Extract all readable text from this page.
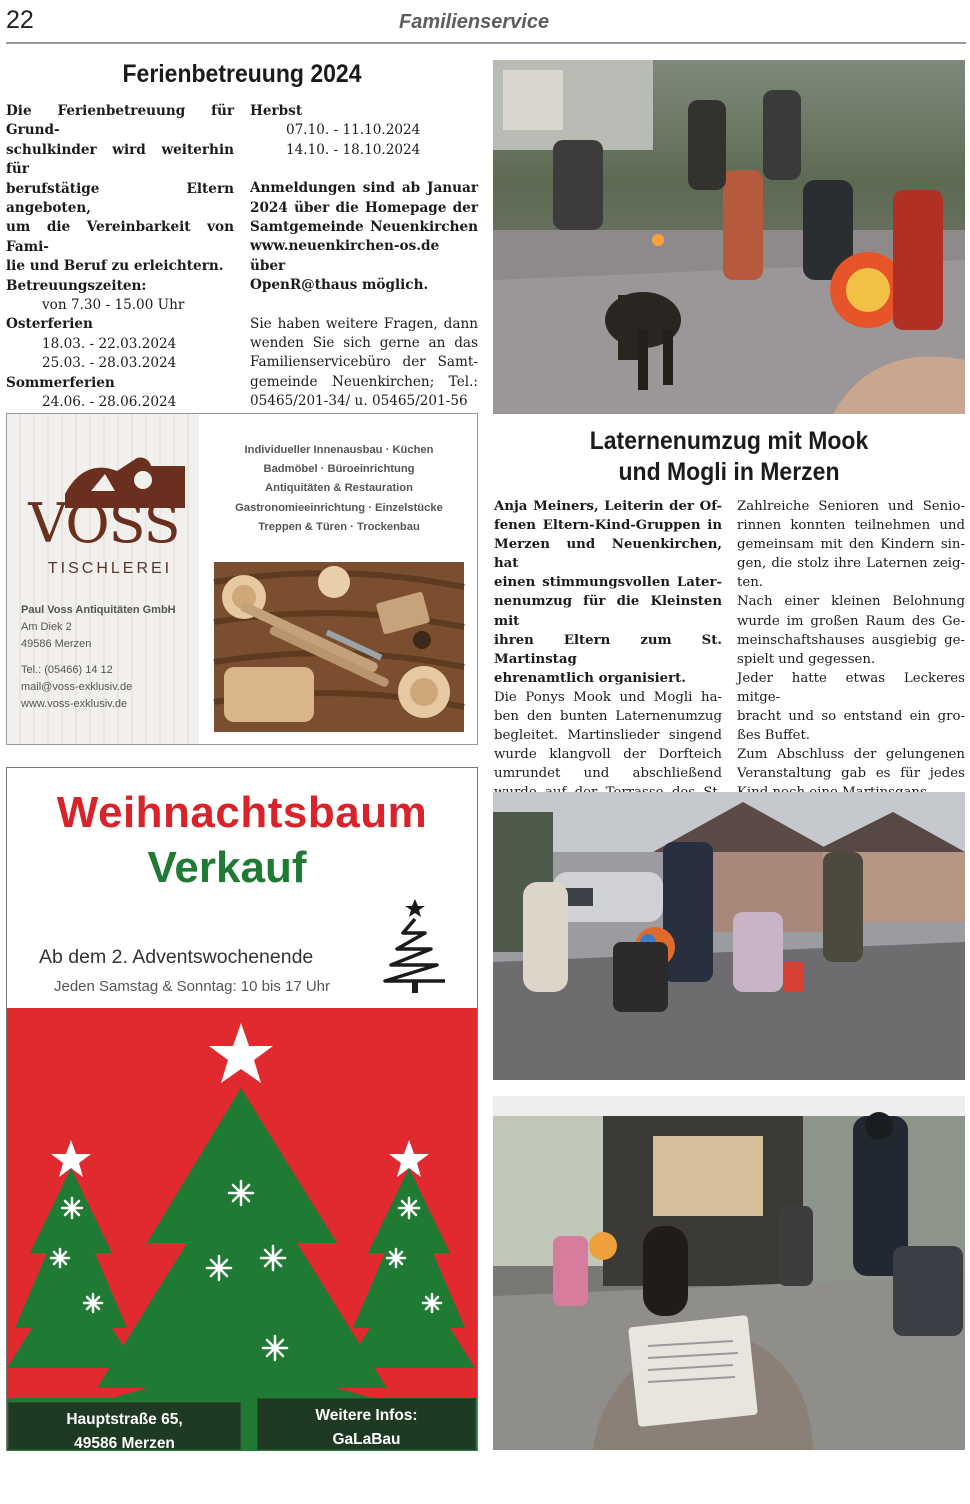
22	Familienservice
Ferienbetreuung 2024

Die Ferienbetreuung für Grund-

schulkinder wird weiterhin für

berufstätige Eltern angeboten,

um die Vereinbarkeit von Fami-

lie und Beruf zu erleichtern.

Betreuungszeiten:

von 7.30 - 15.00 Uhr

Osterferien

18.03. - 22.03.2024

25.03. - 28.03.2024

Sommerferien

24.06. - 28.06.2024

Herbst

07.10. - 11.10.2024

14.10. - 18.10.2024

Anmeldungen sind ab Januar

2024 über die Homepage der

Samtgemeinde Neuenkirchen

www.neuenkirchen-os.de über

OpenR@thaus möglich.

Sie haben weitere Fragen, dann

wenden Sie sich gerne an das

Familienservicebüro der Samt-

gemeinde Neuenkirchen; Tel.:

05465/201-34/ u. 05465/201-56

VOSS
TISCHLEREI
Paul Voss Antiquitäten GmbH
Am Diek 2
49586 Merzen
Tel.: (05466) 14 12
mail@voss-exklusiv.de
www.voss-exklusiv.de
Individueller Innenausbau · Küchen
Badmöbel · Büroeinrichtung
Antiquitäten & Restauration
Gastronomieeinrichtung · Einzelstücke
Treppen & Türen · Trockenbau
Weihnachtsbaum
Verkauf
Ab dem 2. Adventswochenende
Jeden Samstag & Sonntag: 10 bis 17 Uhr
Hauptstraße 65,
49586 Merzen
bei Wilke
in Plaggenschale
Weitere Infos:
GaLaBau
Ludger Spinneker
Tel. 0170/6317514
Laternenumzug mit Mook
und Mogli in Merzen

Anja Meiners, Leiterin der Of-

fenen Eltern-Kind-Gruppen in

Merzen und Neuenkirchen, hat

einen stimmungsvollen Later-

nenumzug für die Kleinsten mit

ihren Eltern zum St. Martinstag

ehrenamtlich organisiert.

Die Ponys Mook und Mogli ha-

ben den bunten Laternenumzug

begleitet. Martinslieder singend

wurde klangvoll der Dorfteich

umrundet und abschließend

Zahlreiche Senioren und Senio-

rinnen konnten teilnehmen und

gemeinsam mit den Kindern sin-

gen, die stolz ihre Laternen zeig-

ten.

Nach einer kleinen Belohnung

wurde im großen Raum des Ge-

meinschaftshauses ausgiebig ge-

spielt und gegessen.

Jeder hatte etwas Leckeres mitge-

bracht und so entstand ein gro-

ßes Buffet.

Zum Abschluss der gelungenen

Veranstaltung gab es für jedes
